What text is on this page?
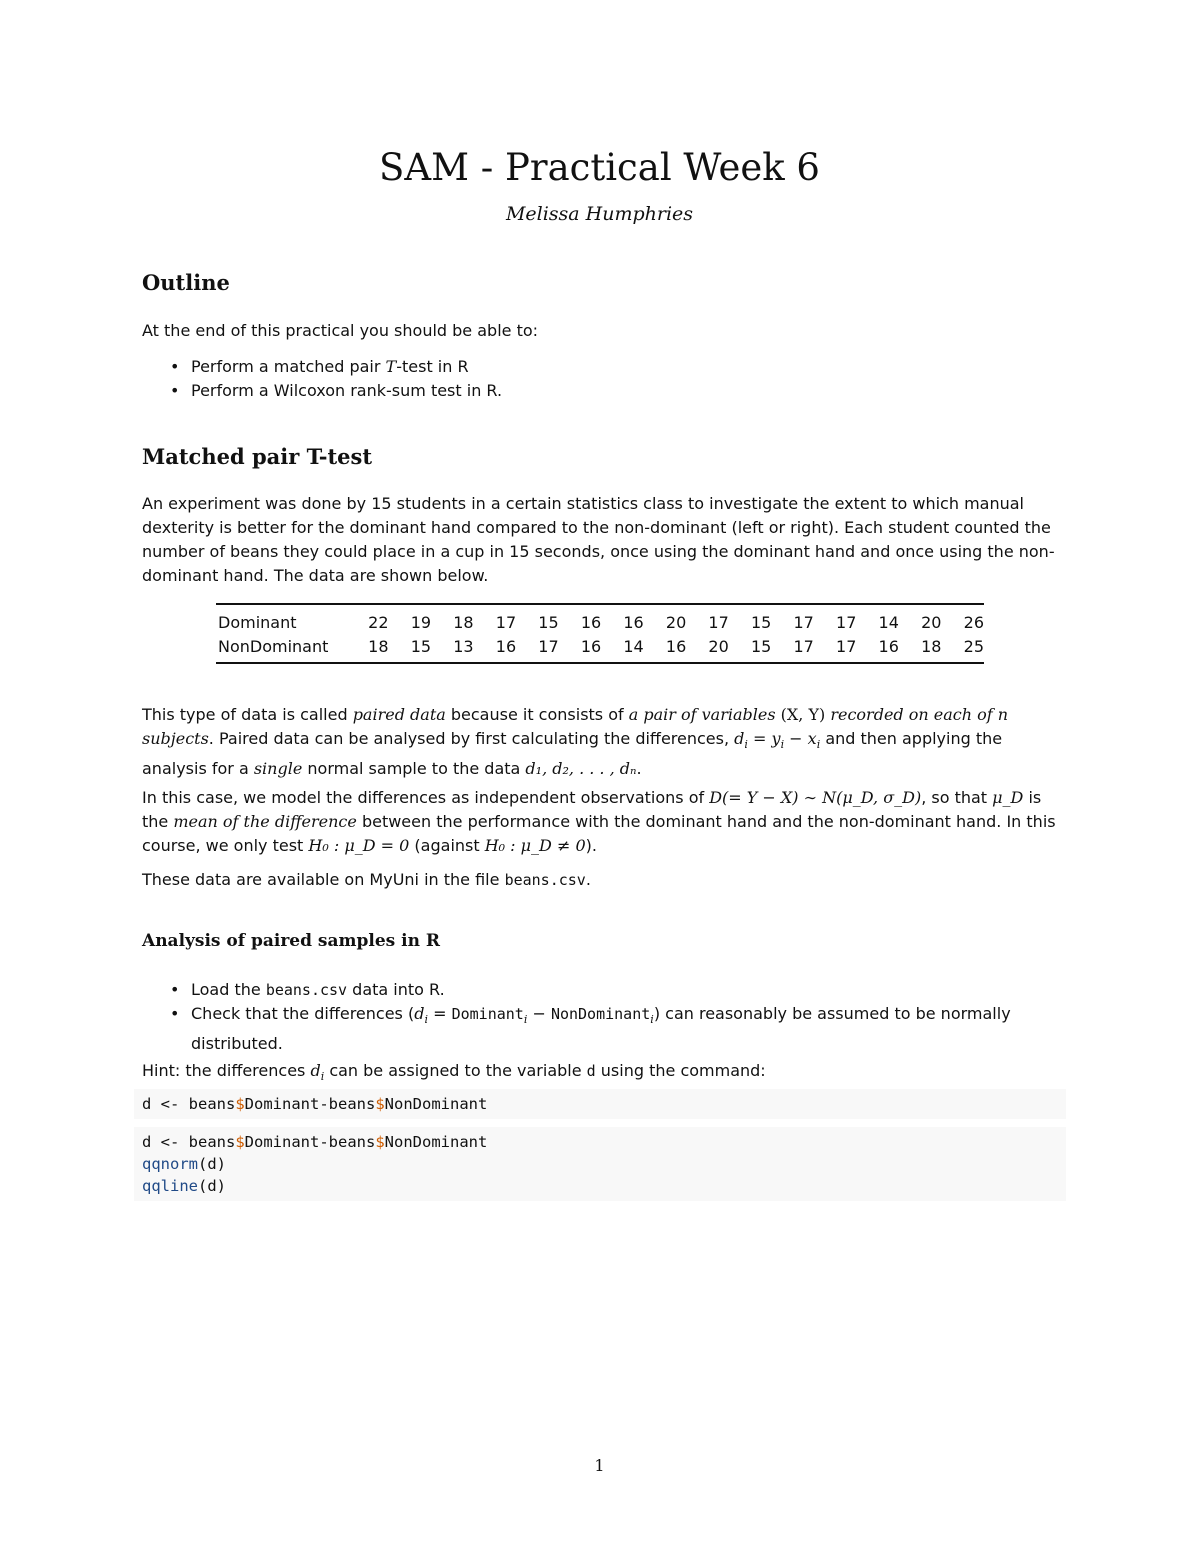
SAM - Practical Week 6
Melissa Humphries
Outline

At the end of this practical you should be able to:

• Perform a matched pair T-test in R
• Perform a Wilcoxon rank-sum test in R.
Matched pair T-test

An experiment was done by 15 students in a certain statistics class to investigate the extent to which manual dexterity is better for the dominant hand compared to the non-dominant (left or right). Each student counted the number of beans they could place in a cup in 15 seconds, once using the dominant hand and once using the non-dominant hand. The data are shown below.

Dominant	22	19	18	17	15	16	16	20	17	15	17	17	14	20	26
NonDominant	18	15	13	16	17	16	14	16	20	15	17	17	16	18	25

This type of data is called paired data because it consists of a pair of variables (X, Y) recorded on each of n subjects. Paired data can be analysed by first calculating the differences, $d_i = y_i - x_i$ and then applying the analysis for a single normal sample to the data d₁, d₂, . . . , dₙ.

In this case, we model the differences as independent observations of D(= Y − X) ∼ N(μ_D, σ_D), so that μ_D is the mean of the difference between the performance with the dominant hand and the non-dominant hand. In this course, we only test H₀ : μ_D = 0 (against H₀ : μ_D ≠ 0).

These data are available on MyUni in the file beans.csv.

Analysis of paired samples in R
• Load the beans.csv data into R.
• Check that the differences ($d_i$ = Dominant$_i$ − NonDominant$_i$) can reasonably be assumed to be normally distributed.

Hint: the differences $d_i$ can be assigned to the variable d using the command:

d <- beans$Dominant-beans$NonDominant
d <- beans$Dominant-beans$NonDominant
qqnorm(d)
qqline(d)
1
